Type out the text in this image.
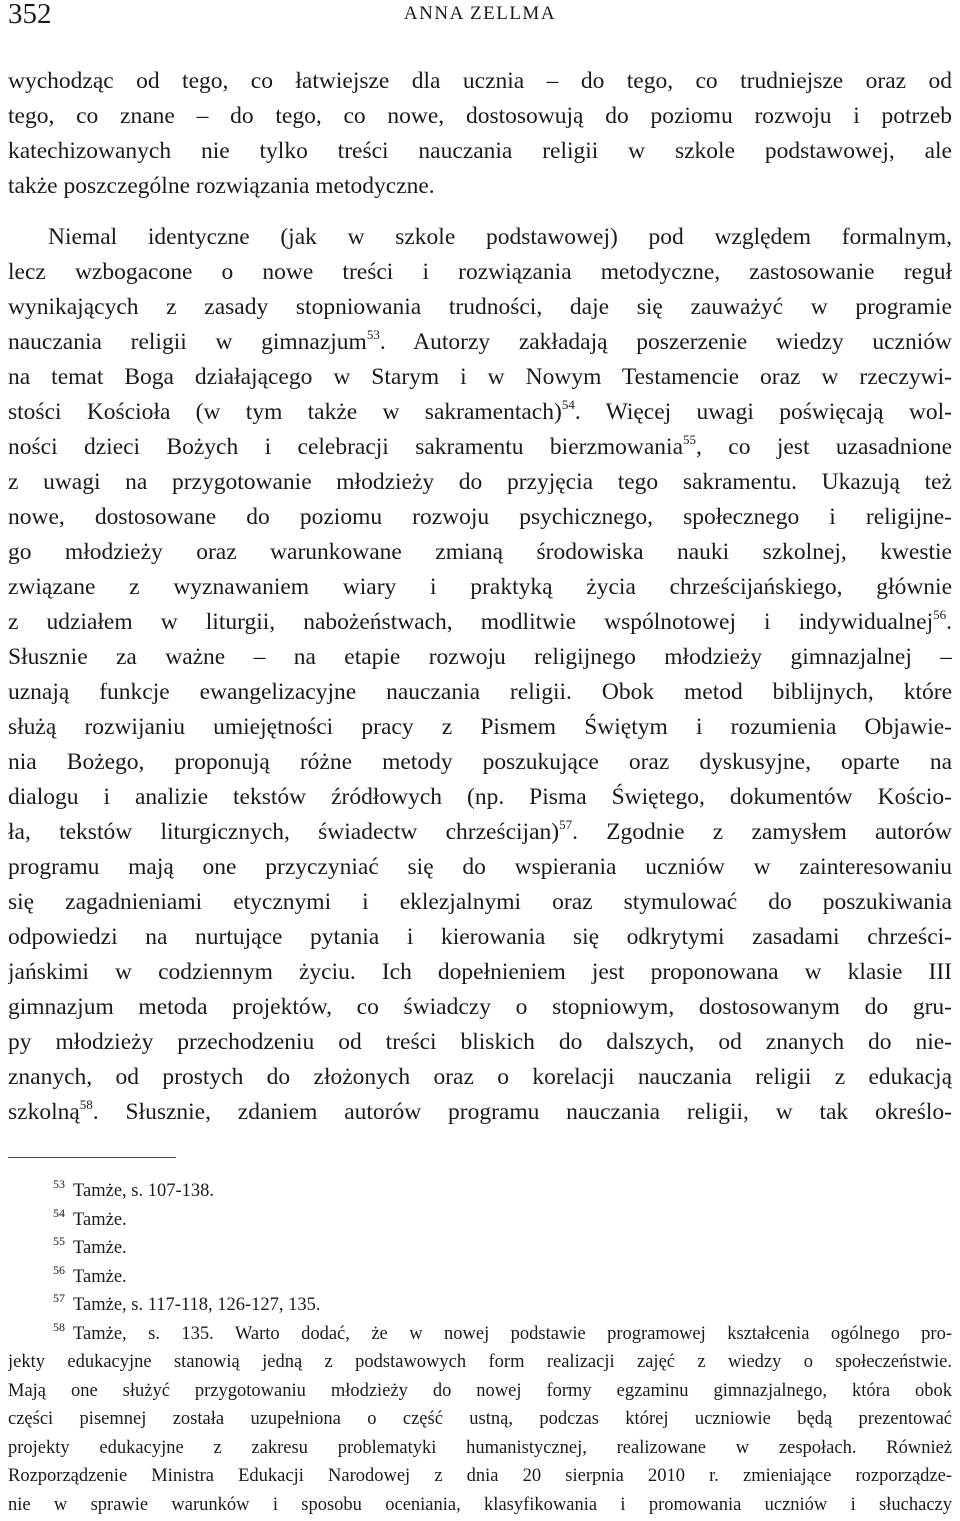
352	ANNA ZELLMA
wychodząc od tego, co łatwiejsze dla ucznia – do tego, co trudniejsze oraz od
tego, co znane – do tego, co nowe, dostosowują do poziomu rozwoju i potrzeb
katechizowanych nie tylko treści nauczania religii w szkole podstawowej, ale
także poszczególne rozwiązania metodyczne.
Niemal identyczne (jak w szkole podstawowej) pod względem formalnym,
lecz wzbogacone o nowe treści i rozwiązania metodyczne, zastosowanie reguł
wynikających z zasady stopniowania trudności, daje się zauważyć w programie
nauczania religii w gimnazjum$^{53}$. Autorzy zakładają poszerzenie wiedzy uczniów
na temat Boga działającego w Starym i w Nowym Testamencie oraz w rzeczywi-
stości Kościoła (w tym także w sakramentach)$^{54}$. Więcej uwagi poświęcają wol-
ności dzieci Bożych i celebracji sakramentu bierzmowania$^{55}$, co jest uzasadnione
z uwagi na przygotowanie młodzieży do przyjęcia tego sakramentu. Ukazują też
nowe, dostosowane do poziomu rozwoju psychicznego, społecznego i religijne-
go młodzieży oraz warunkowane zmianą środowiska nauki szkolnej, kwestie
związane z wyznawaniem wiary i praktyką życia chrześcijańskiego, głównie
z udziałem w liturgii, nabożeństwach, modlitwie wspólnotowej i indywidualnej$^{56}$.
Słusznie za ważne – na etapie rozwoju religijnego młodzieży gimnazjalnej –
uznają funkcje ewangelizacyjne nauczania religii. Obok metod biblijnych, które
służą rozwijaniu umiejętności pracy z Pismem Świętym i rozumienia Objawie-
nia Bożego, proponują różne metody poszukujące oraz dyskusyjne, oparte na
dialogu i analizie tekstów źródłowych (np. Pisma Świętego, dokumentów Kościo-
ła, tekstów liturgicznych, świadectw chrześcijan)$^{57}$. Zgodnie z zamysłem autorów
programu mają one przyczyniać się do wspierania uczniów w zainteresowaniu
się zagadnieniami etycznymi i eklezjalnymi oraz stymulować do poszukiwania
odpowiedzi na nurtujące pytania i kierowania się odkrytymi zasadami chrześci-
jańskimi w codziennym życiu. Ich dopełnieniem jest proponowana w klasie III
gimnazjum metoda projektów, co świadczy o stopniowym, dostosowanym do gru-
py młodzieży przechodzeniu od treści bliskich do dalszych, od znanych do nie-
znanych, od prostych do złożonych oraz o korelacji nauczania religii z edukacją
szkolną$^{58}$. Słusznie, zdaniem autorów programu nauczania religii, w tak określo-
$^{53}$ Tamże, s. 107-138.
$^{54}$ Tamże.
$^{55}$ Tamże.
$^{56}$ Tamże.
$^{57}$ Tamże, s. 117-118, 126-127, 135.
$^{58}$ Tamże, s. 135. Warto dodać, że w nowej podstawie programowej kształcenia ogólnego pro-
jekty edukacyjne stanowią jedną z podstawowych form realizacji zajęć z wiedzy o społeczeństwie.
Mają one służyć przygotowaniu młodzieży do nowej formy egzaminu gimnazjalnego, która obok
części pisemnej została uzupełniona o część ustną, podczas której uczniowie będą prezentować
projekty edukacyjne z zakresu problematyki humanistycznej, realizowane w zespołach. Również
Rozporządzenie Ministra Edukacji Narodowej z dnia 20 sierpnia 2010 r. zmieniające rozporządze-
nie w sprawie warunków i sposobu oceniania, klasyfikowania i promowania uczniów i słuchaczy
